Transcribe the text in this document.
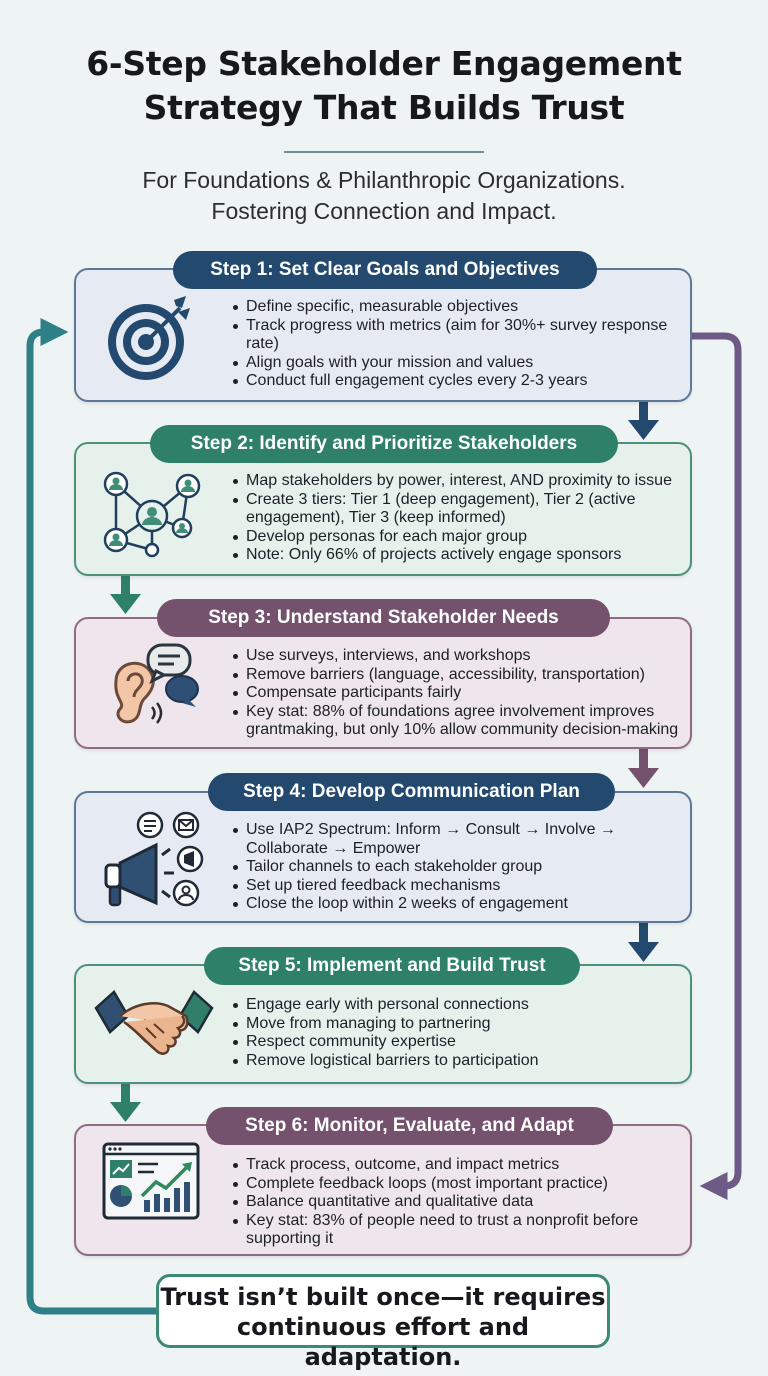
6-Step Stakeholder Engagement
Strategy That Builds Trust
For Foundations & Philanthropic Organizations.
Fostering Connection and Impact.
Define specific, measurable objectives
Track progress with metrics (aim for 30%+ survey response rate)
Align goals with your mission and values
Conduct full engagement cycles every 2-3 years
Step 1: Set Clear Goals and Objectives
Map stakeholders by power, interest, AND proximity to issue
Create 3 tiers: Tier 1 (deep engagement), Tier 2 (active engagement), Tier 3 (keep informed)
Develop personas for each major group
Note: Only 66% of projects actively engage sponsors
Step 2: Identify and Prioritize Stakeholders
Use surveys, interviews, and workshops
Remove barriers (language, accessibility, transportation)
Compensate participants fairly
Key stat: 88% of foundations agree involvement improves grantmaking, but only 10% allow community decision-making
Step 3: Understand Stakeholder Needs
Use IAP2 Spectrum: Inform → Consult → Involve → Collaborate → Empower
Tailor channels to each stakeholder group
Set up tiered feedback mechanisms
Close the loop within 2 weeks of engagement
Step 4: Develop Communication Plan
Engage early with personal connections
Move from managing to partnering
Respect community expertise
Remove logistical barriers to participation
Step 5: Implement and Build Trust
Track process, outcome, and impact metrics
Complete feedback loops (most important practice)
Balance quantitative and qualitative data
Key stat: 83% of people need to trust a nonprofit before supporting it
Step 6: Monitor, Evaluate, and Adapt
Trust isn’t built once—it requires
continuous effort and adaptation.
